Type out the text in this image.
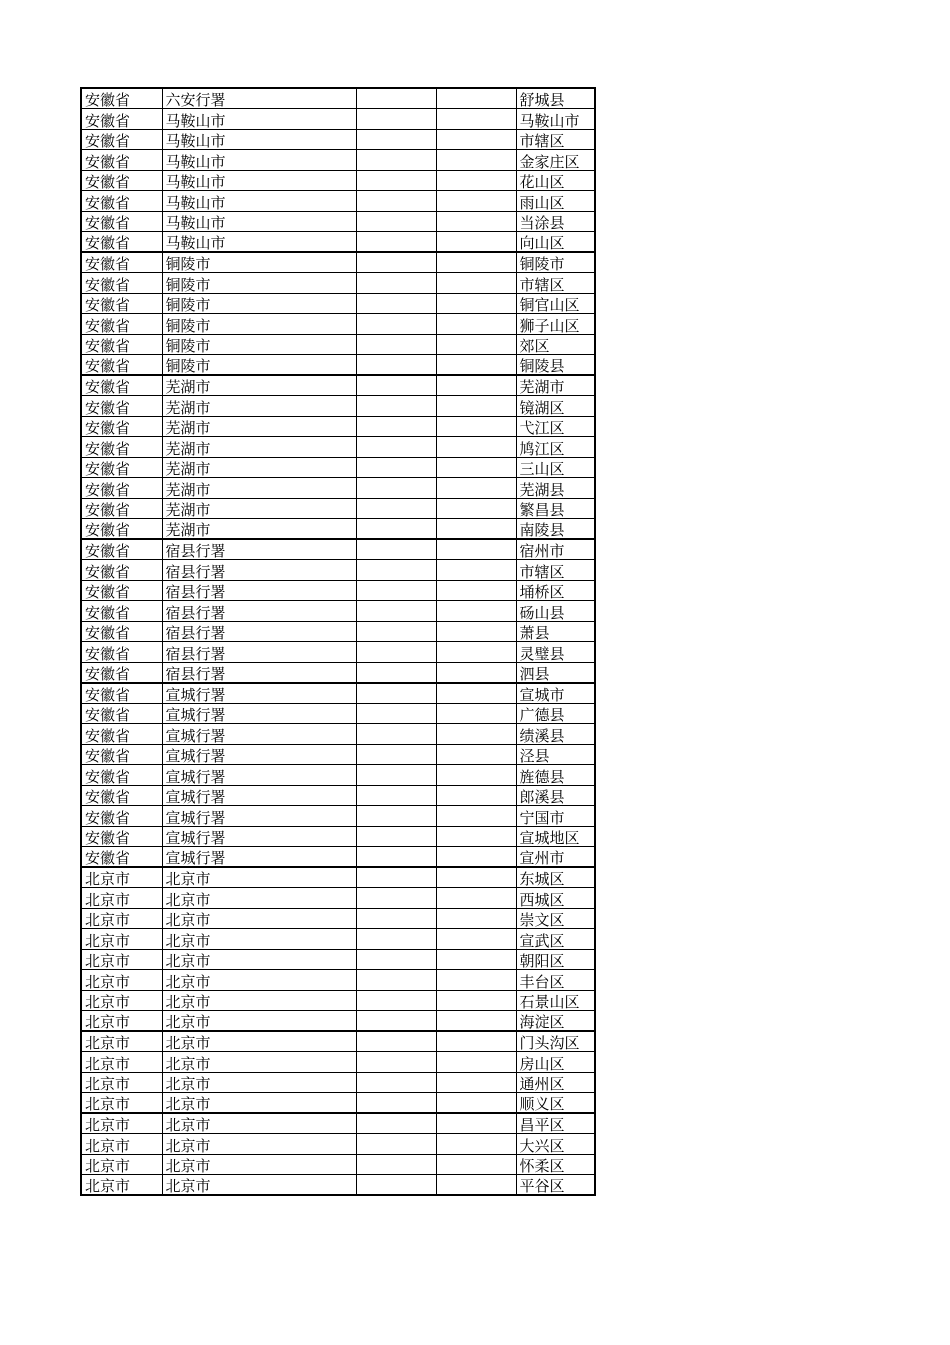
安徽省	六安行署			舒城县
安徽省	马鞍山市			马鞍山市
安徽省	马鞍山市			市辖区
安徽省	马鞍山市			金家庄区
安徽省	马鞍山市			花山区
安徽省	马鞍山市			雨山区
安徽省	马鞍山市			当涂县
安徽省	马鞍山市			向山区
安徽省	铜陵市			铜陵市
安徽省	铜陵市			市辖区
安徽省	铜陵市			铜官山区
安徽省	铜陵市			狮子山区
安徽省	铜陵市			郊区
安徽省	铜陵市			铜陵县
安徽省	芜湖市			芜湖市
安徽省	芜湖市			镜湖区
安徽省	芜湖市			弋江区
安徽省	芜湖市			鸠江区
安徽省	芜湖市			三山区
安徽省	芜湖市			芜湖县
安徽省	芜湖市			繁昌县
安徽省	芜湖市			南陵县
安徽省	宿县行署			宿州市
安徽省	宿县行署			市辖区
安徽省	宿县行署			埇桥区
安徽省	宿县行署			砀山县
安徽省	宿县行署			萧县
安徽省	宿县行署			灵璧县
安徽省	宿县行署			泗县
安徽省	宣城行署			宣城市
安徽省	宣城行署			广德县
安徽省	宣城行署			绩溪县
安徽省	宣城行署			泾县
安徽省	宣城行署			旌德县
安徽省	宣城行署			郎溪县
安徽省	宣城行署			宁国市
安徽省	宣城行署			宣城地区
安徽省	宣城行署			宣州市
北京市	北京市			东城区
北京市	北京市			西城区
北京市	北京市			崇文区
北京市	北京市			宣武区
北京市	北京市			朝阳区
北京市	北京市			丰台区
北京市	北京市			石景山区
北京市	北京市			海淀区
北京市	北京市			门头沟区
北京市	北京市			房山区
北京市	北京市			通州区
北京市	北京市			顺义区
北京市	北京市			昌平区
北京市	北京市			大兴区
北京市	北京市			怀柔区
北京市	北京市			平谷区
